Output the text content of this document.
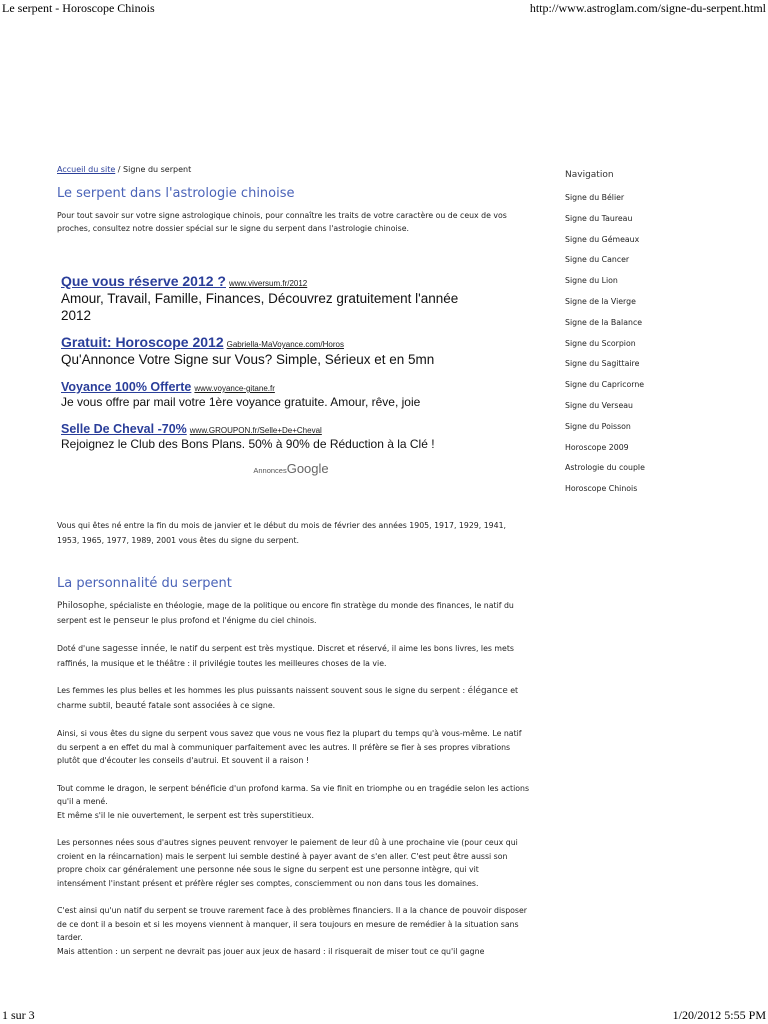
Le serpent - Horoscope Chinois	http://www.astroglam.com/signe-du-serpent.html
Accueil du site / Signe du serpent
Le serpent dans l'astrologie chinoise

Pour tout savoir sur votre signe astrologique chinois, pour connaître les traits de votre caractère ou de ceux de vos proches, consultez notre dossier spécial sur le signe du serpent dans l'astrologie chinoise.

Que vous réserve 2012 ? www.viversum.fr/2012
Amour, Travail, Famille, Finances, Découvrez gratuitement l'année 2012
Gratuit: Horoscope 2012 Gabriella-MaVoyance.com/Horos
Qu'Annonce Votre Signe sur Vous? Simple, Sérieux et en 5mn
Voyance 100% Offerte www.voyance-gitane.fr
Je vous offre par mail votre 1ère voyance gratuite. Amour, rêve, joie
Selle De Cheval -70% www.GROUPON.fr/Selle+De+Cheval
Rejoignez le Club des Bons Plans. 50% à 90% de Réduction à la Clé !
AnnoncesGoogle

Vous qui êtes né entre la fin du mois de janvier et le début du mois de février des années 1905, 1917, 1929, 1941, 1953, 1965, 1977, 1989, 2001 vous êtes du signe du serpent.

La personnalité du serpent

Philosophe, spécialiste en théologie, mage de la politique ou encore fin stratège du monde des finances, le natif du serpent est le penseur le plus profond et l'énigme du ciel chinois.

Doté d'une sagesse innée, le natif du serpent est très mystique. Discret et réservé, il aime les bons livres, les mets raffinés, la musique et le théâtre : il privilégie toutes les meilleures choses de la vie.

Les femmes les plus belles et les hommes les plus puissants naissent souvent sous le signe du serpent : élégance et charme subtil, beauté fatale sont associées à ce signe.

Ainsi, si vous êtes du signe du serpent vous savez que vous ne vous fiez la plupart du temps qu'à vous-même. Le natif du serpent a en effet du mal à communiquer parfaitement avec les autres. Il préfère se fier à ses propres vibrations plutôt que d'écouter les conseils d'autrui. Et souvent il a raison !

Tout comme le dragon, le serpent bénéficie d'un profond karma. Sa vie finit en triomphe ou en tragédie selon les actions qu'il a mené.
Et même s'il le nie ouvertement, le serpent est très superstitieux.

Les personnes nées sous d'autres signes peuvent renvoyer le paiement de leur dû à une prochaine vie (pour ceux qui croient en la réincarnation) mais le serpent lui semble destiné à payer avant de s'en aller. C'est peut être aussi son propre choix car généralement une personne née sous le signe du serpent est une personne intègre, qui vit intensément l'instant présent et préfère régler ses comptes, consciemment ou non dans tous les domaines.

C'est ainsi qu'un natif du serpent se trouve rarement face à des problèmes financiers. Il a la chance de pouvoir disposer de ce dont il a besoin et si les moyens viennent à manquer, il sera toujours en mesure de remédier à la situation sans tarder.
Mais attention : un serpent ne devrait pas jouer aux jeux de hasard : il risquerait de miser tout ce qu'il gagne

Navigation
Signe du Bélier
Signe du Taureau
Signe du Gémeaux
Signe du Cancer
Signe du Lion
Signe de la Vierge
Signe de la Balance
Signe du Scorpion
Signe du Sagittaire
Signe du Capricorne
Signe du Verseau
Signe du Poisson
Horoscope 2009
Astrologie du couple
Horoscope Chinois
1 sur 3	1/20/2012 5:55 PM
